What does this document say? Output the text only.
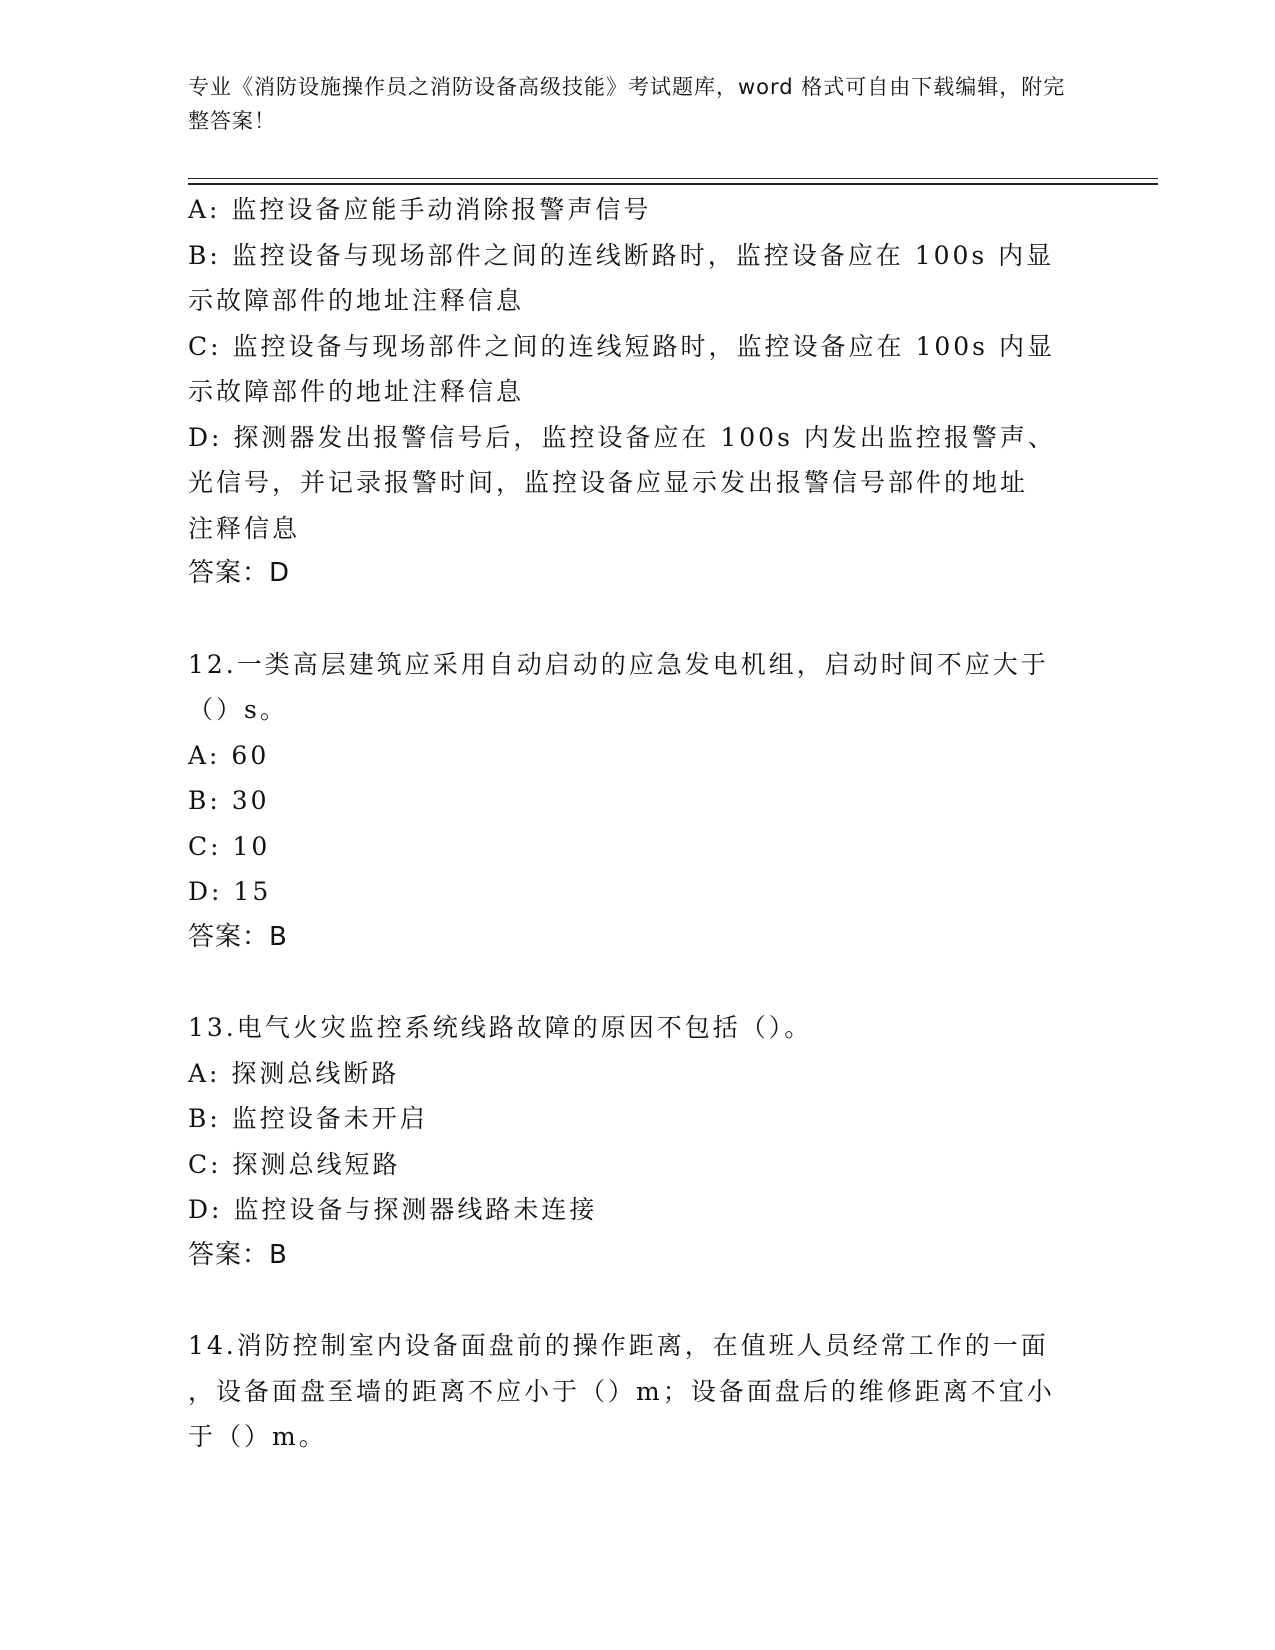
专业《消防设施操作员之消防设备高级技能》考试题库，word 格式可自由下载编辑，附完整答案！
A: 监控设备应能手动消除报警声信号
B: 监控设备与现场部件之间的连线断路时，监控设备应在 100s 内显
示故障部件的地址注释信息
C: 监控设备与现场部件之间的连线短路时，监控设备应在 100s 内显
示故障部件的地址注释信息
D: 探测器发出报警信号后，监控设备应在 100s 内发出监控报警声、
光信号，并记录报警时间，监控设备应显示发出报警信号部件的地址
注释信息
答案：D
12.一类高层建筑应采用自动启动的应急发电机组，启动时间不应大于
（）s。
A: 60
B: 30
C: 10
D: 15
答案：B
13.电气火灾监控系统线路故障的原因不包括（）。
A: 探测总线断路
B: 监控设备未开启
C: 探测总线短路
D: 监控设备与探测器线路未连接
答案：B
14.消防控制室内设备面盘前的操作距离，在值班人员经常工作的一面
，设备面盘至墙的距离不应小于（）m；设备面盘后的维修距离不宜小
于（）m。
